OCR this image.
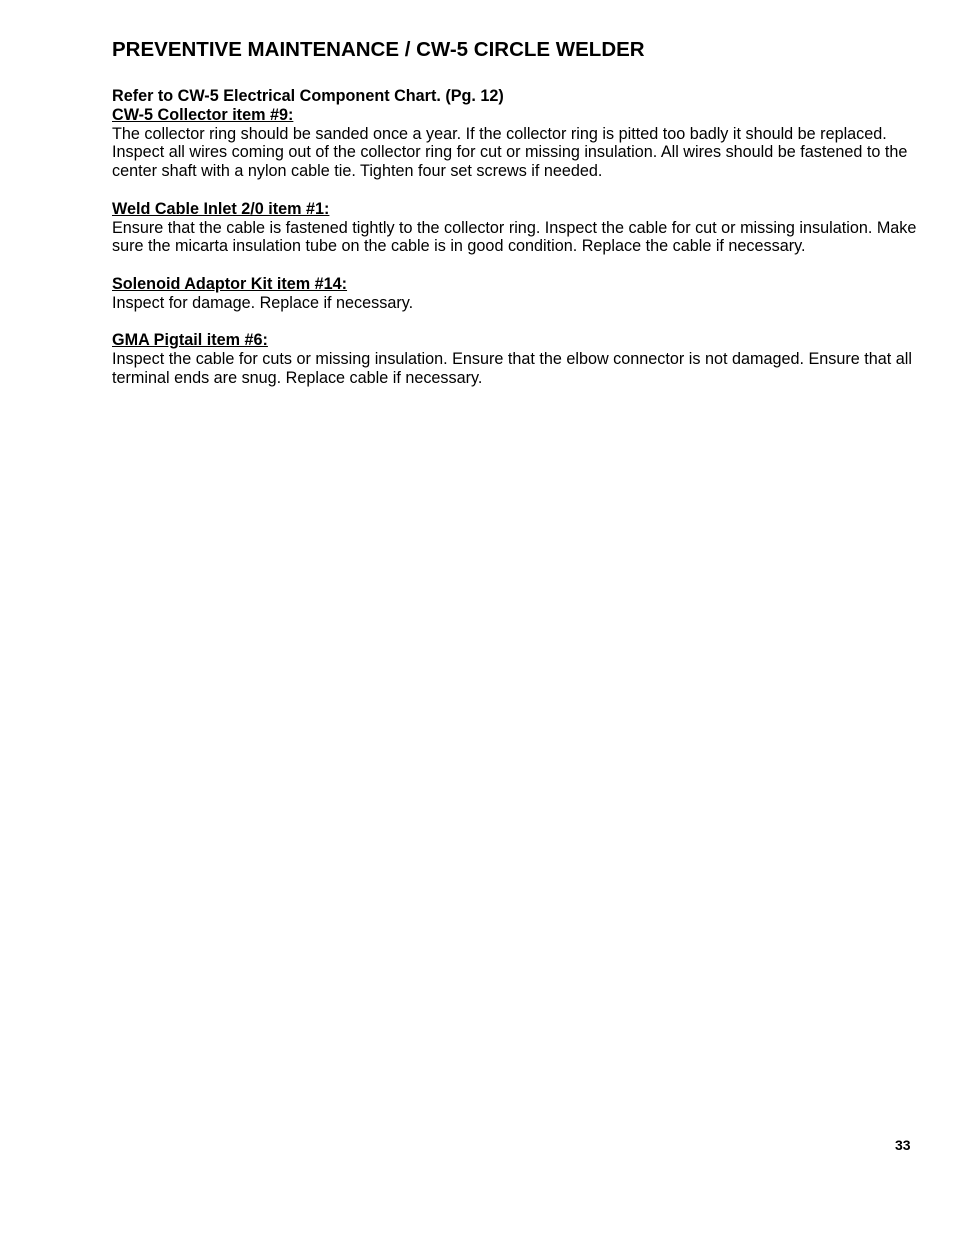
PREVENTIVE MAINTENANCE / CW-5 CIRCLE WELDER

Refer to CW-5 Electrical Component Chart. (Pg. 12)

CW-5 Collector item #9:

The collector ring should be sanded once a year. If the collector ring is pitted too badly it should be replaced. Inspect all wires coming out of the collector ring for cut or missing insulation. All wires should be fastened to the center shaft with a nylon cable tie. Tighten four set screws if needed.

Weld Cable Inlet 2/0 item #1:

Ensure that the cable is fastened tightly to the collector ring. Inspect the cable for cut or missing insulation. Make sure the micarta insulation tube on the cable is in good condition. Replace the cable if necessary.

Solenoid Adaptor Kit item #14:

Inspect for damage. Replace if necessary.

GMA Pigtail item #6:

Inspect the cable for cuts or missing insulation. Ensure that the elbow connector is not damaged. Ensure that all terminal ends are snug. Replace cable if necessary.

33
